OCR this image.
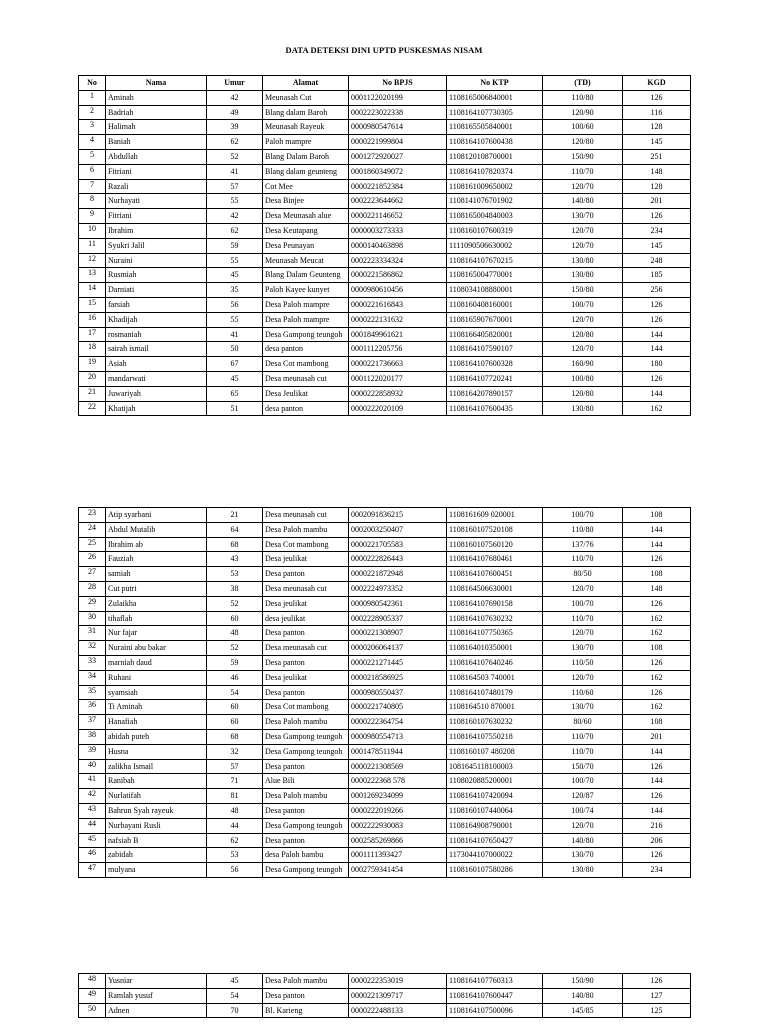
DATA DETEKSI DINI UPTD PUSKESMAS NISAM
No	Nama	Umur	Alamat	No BPJS	No KTP	(TD)	KGD
1	Aminah	42	Meunasah Cut	0001122020199	1108165006840001	110/80	126
2	Badriah	49	Blang dalam Baroh	0002223022338	1108164107730305	120/90	116
3	Halimah	39	Meunasah Rayeuk	0000980547614	1108165505840001	100/60	128
4	Baniah	62	Paloh mampre	0000221999804	1108164107600438	120/80	145
5	Abdullah	52	Blang Dalam Baroh	0001272920027	1108120108700001	150/90	251
6	Fitriani	41	Blang dalam geunteng	0001860349072	1108164107820374	110/70	148
7	Razali	57	Cot Mee	0000221852384	1108161009650002	120/70	128
8	Nurhayati	55	Desa Binjee	0002223644662	1108141076701902	140/80	201
9	Fitriani	42	Desa Meunasah alue	0000221146652	1108165004840003	130/70	126
10	Ibrahim	62	Desa Keutapang	0000003273333	1108160107600319	120/70	234
11	Syukri Jalil	59	Desa Peunayan	0000140463898	1111090506630002	120/70	145
12	Nuraini	55	Meunasah Meucat	0002223334324	1108164107670215	130/80	248
13	Rusmiah	45	Blang Dalam Geunteng	0000221586862	1108165004770001	130/80	185
14	Darniati	35	Paloh Kayee kunyet	0000980610456	1108034108880001	150/80	256
15	farsiah	56	Desa Paloh mampre	0000221616843	1108160408160001	100/70	126
16	Khadijah	55	Desa Paloh mampre	0000222131632	1108165907670001	120/70	126
17	rosmaniah	41	Desa Gampong teungoh	0001849961621	1108166405820001	120/80	144
18	sairah ismail	50	desa panton	0001112205756	1108164107590107	120/70	144
19	Asiah	67	Desa Cot mambong	0000221736663	1108164107600328	160/90	180
20	mandarwati	45	Desa meunasah cut	0001122020177	1108164107720241	100/80	126
21	Juwariyah	65	Desa Jeulikat	0000222858932	1108164207890157	120/80	144
22	Khatijah	51	desa panton	0000222020109	1108164107600435	130/80	162
23	Atip syarbani	21	Desa meunasah cut	0002091836215	1108161609 020001	100/70	108
24	Abdul Mutalib	64	Desa Paloh mambu	0002003250407	1108160107520108	110/80	144
25	Ibrahim ab	68	Desa Cot mambong	0000221705583	1108160107560120	137/76	144
26	Fauziah	43	Desa jeulikat	0000222826443	1108164107680461	110/70	126
27	samiah	53	Desa panton	0000221872948	1108164107600451	80/50	108
28	Cut putri	38	Desa meunasah cut	0002224973352	1108164506630001	120/70	148
29	Zulaikha	52	Desa jeulikat	0000980542361	1108164107690158	100/70	126
30	tihaflah	60	desa jeulikat	0002228905337	1108164107630232	110/70	162
31	Nur fajar	48	Desa panton	0000221308907	1108164107750365	120/70	162
32	Nuraini abu bakar	52	Desa meunasah cut	0000206064137	1108164010350001	130/70	108
33	marniah daud	59	Desa panton	0000221271445	1108164107640246	110/50	126
34	Ruhani	46	Desa jeulikat	0000218586925	1108164503 740001	120/70	162
35	syamsiah	54	Desa panton	0000980550437	1108164107480179	110/60	126
36	Ti Aminah	60	Desa Cot mambong	0000221740805	1108164510 870001	130/70	162
37	Hanafiah	60	Desa Paloh mambu	0000222364754	1108160107630232	80/60	108
38	abidah puteh	68	Desa Gampong teungoh	0000980554713	1108164107550218	110/70	201
39	Husna	32	Desa Gampong teungoh	0001478511944	1108160107 480208	110/70	144
40	zalikha Ismail	57	Desa panton	0000221308569	1081645118100003	150/70	126
41	Ranibah	71	Alue Bili	0000222368 578	1108020885200001	100/70	144
42	Nurlatifah	81	Desa Paloh mambu	0001269234099	1108164107420094	120/87	126
43	Bahrun Syah rayeuk	48	Desa panton	0000222019266	1108160107440064	100/74	144
44	Nurbayani Rusli	44	Desa Gampong teungoh	0002222930083	1108164908790001	120/70	216
45	nafsiah B	62	Desa panton	0002585269866	1108164107650427	140/80	206
46	zabidah	53	desa Paloh bambu	0001111393427	1173044107000022	130/70	126
47	mulyana	56	Desa Gampong teungoh	0002759341454	1108160107580286	130/80	234
48	Yusniar	45	Desa Paloh mambu	0000222353019	1108164107760313	150/90	126
49	Ramlah yusuf	54	Desa panton	0000221309717	1108164107600447	140/80	127
50	Adnen	70	Bl. Karieng	0000222488133	1108164107500096	145/85	125
